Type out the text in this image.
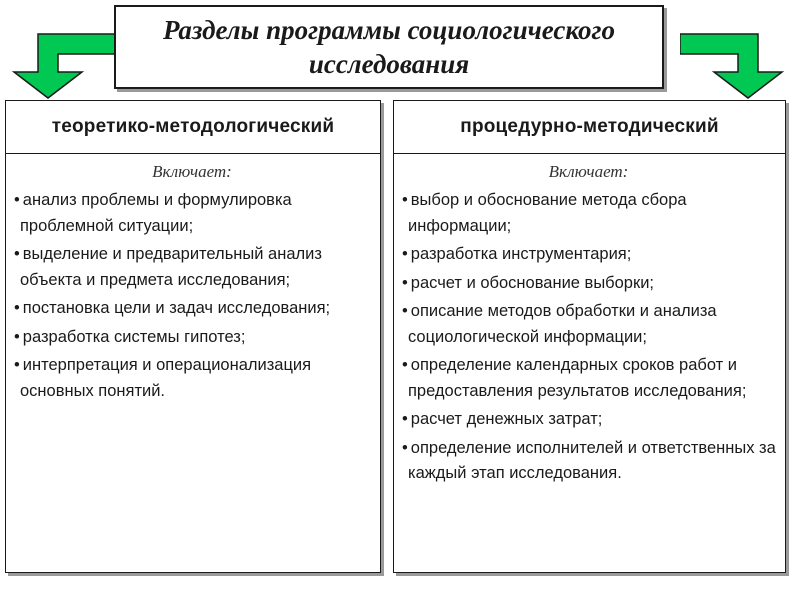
Разделы программы социологического исследования
теоретико-методологический
Включает:
• анализ проблемы и формулировка проблемной ситуации;
• выделение и предварительный анализ объекта и предмета исследования;
• постановка цели и задач исследования;
• разработка системы гипотез;
• интерпретация и операционализация основных понятий.
процедурно-методический
Включает:
• выбор и обоснование метода сбора информации;
• разработка инструментария;
• расчет и обоснование выборки;
• описание методов обработки и анализа социологической информации;
• определение календарных сроков работ и предоставления результатов исследования;
• расчет денежных затрат;
• определение исполнителей и ответственных за каждый этап исследования.
